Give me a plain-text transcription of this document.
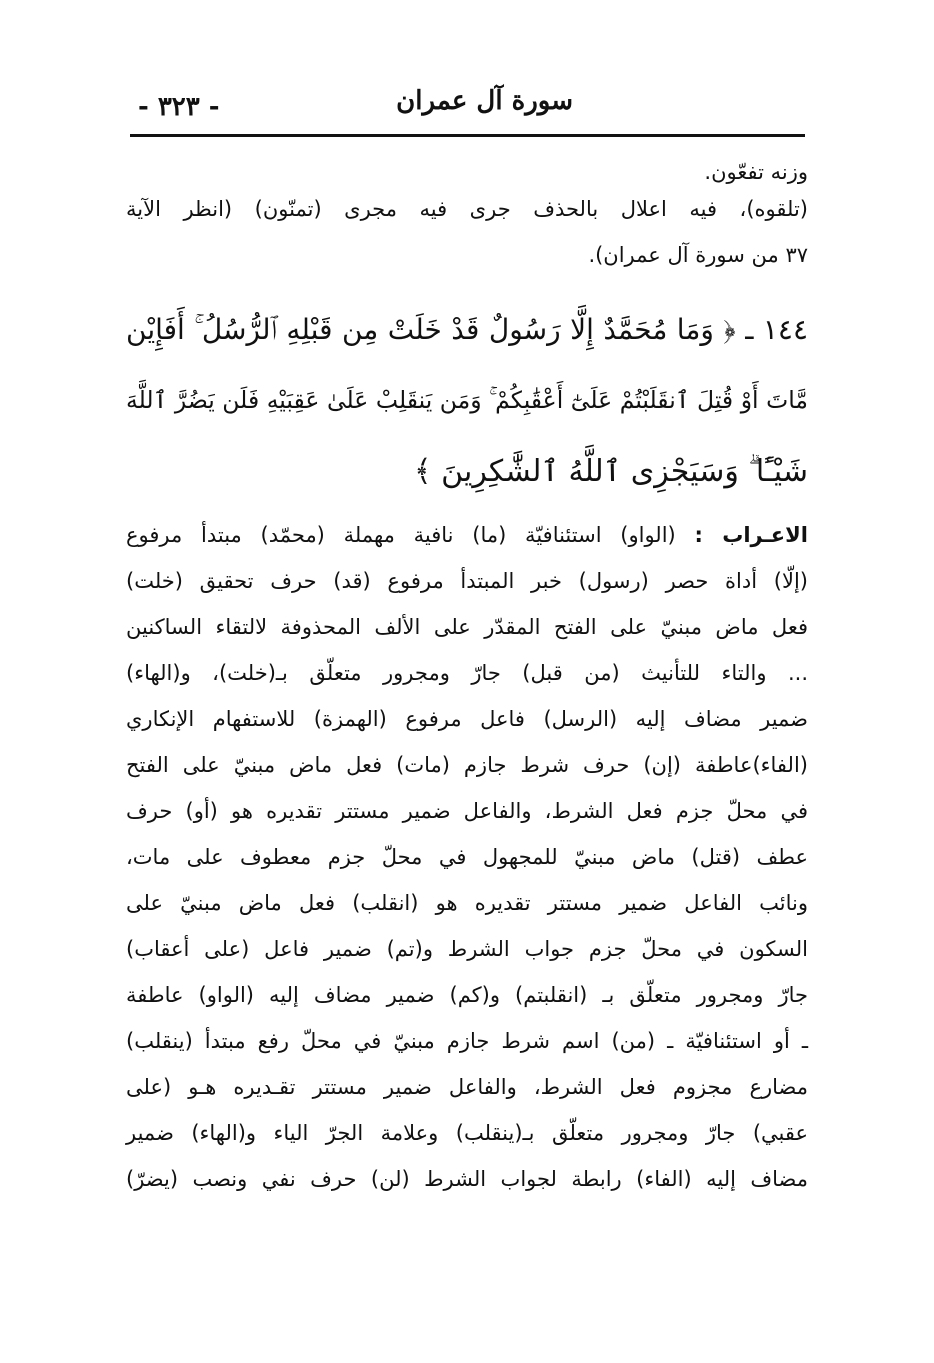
سورة آل عمران
- ٣٢٣ -
وزنه تفعّون.
(تلقوه)، فيه اعلال بالحذف جرى فيه مجرى (تمنّون) (انظر الآية
٣٧ من سورة آل عمران).
١٤٤ ـ ﴿ وَمَا مُحَمَّدٌ إِلَّا رَسُولٌ قَدْ خَلَتْ مِن قَبْلِهِ ٱلرُّسُلُ ۚ أَفَإِيْن
مَّاتَ أَوْ قُتِلَ ٱنقَلَبْتُمْ عَلَىٰٓ أَعْقَٰبِكُمْ ۚ وَمَن يَنقَلِبْ عَلَىٰ عَقِبَيْهِ فَلَن يَضُرَّ ٱللَّهَ
شَيْـًٔا ۗ وَسَيَجْزِى ٱللَّهُ ٱلشَّٰكِرِينَ ﴾
الاعـراب : (الواو) استئنافيّة (ما) نافية مهملة (محمّد) مبتدأ مرفوع
(إلّا) أداة حصر (رسول) خبر المبتدأ مرفوع (قد) حرف تحقيق (خلت)
فعل ماض مبنيّ على الفتح المقدّر على الألف المحذوفة لالتقاء الساكنين
... والتاء للتأنيث (من قبل) جارّ ومجرور متعلّق بـ(خلت)، و(الهاء)
ضمير مضاف إليه (الرسل) فاعل مرفوع (الهمزة) للاستفهام الإنكاري
(الفاء)عاطفة (إن) حرف شرط جازم (مات) فعل ماض مبنيّ على الفتح
في محلّ جزم فعل الشرط، والفاعل ضمير مستتر تقديره هو (أو) حرف
عطف (قتل) ماض مبنيّ للمجهول في محلّ جزم معطوف على مات،
ونائب الفاعل ضمير مستتر تقديره هو (انقلب) فعل ماض مبنيّ على
السكون في محلّ جزم جواب الشرط و(تم) ضمير فاعل (على أعقاب)
جارّ ومجرور متعلّق بـ (انقلبتم) و(كم) ضمير مضاف إليه (الواو) عاطفة
ـ أو استئنافيّة ـ (من) اسم شرط جازم مبنيّ في محلّ رفع مبتدأ (ينقلب)
مضارع مجزوم فعل الشرط، والفاعل ضمير مستتر تقـديره هـو (على
عقبي) جارّ ومجرور متعلّق بـ(ينقلب) وعلامة الجرّ الياء و(الهاء) ضمير
مضاف إليه (الفاء) رابطة لجواب الشرط (لن) حرف نفي ونصب (يضرّ)
